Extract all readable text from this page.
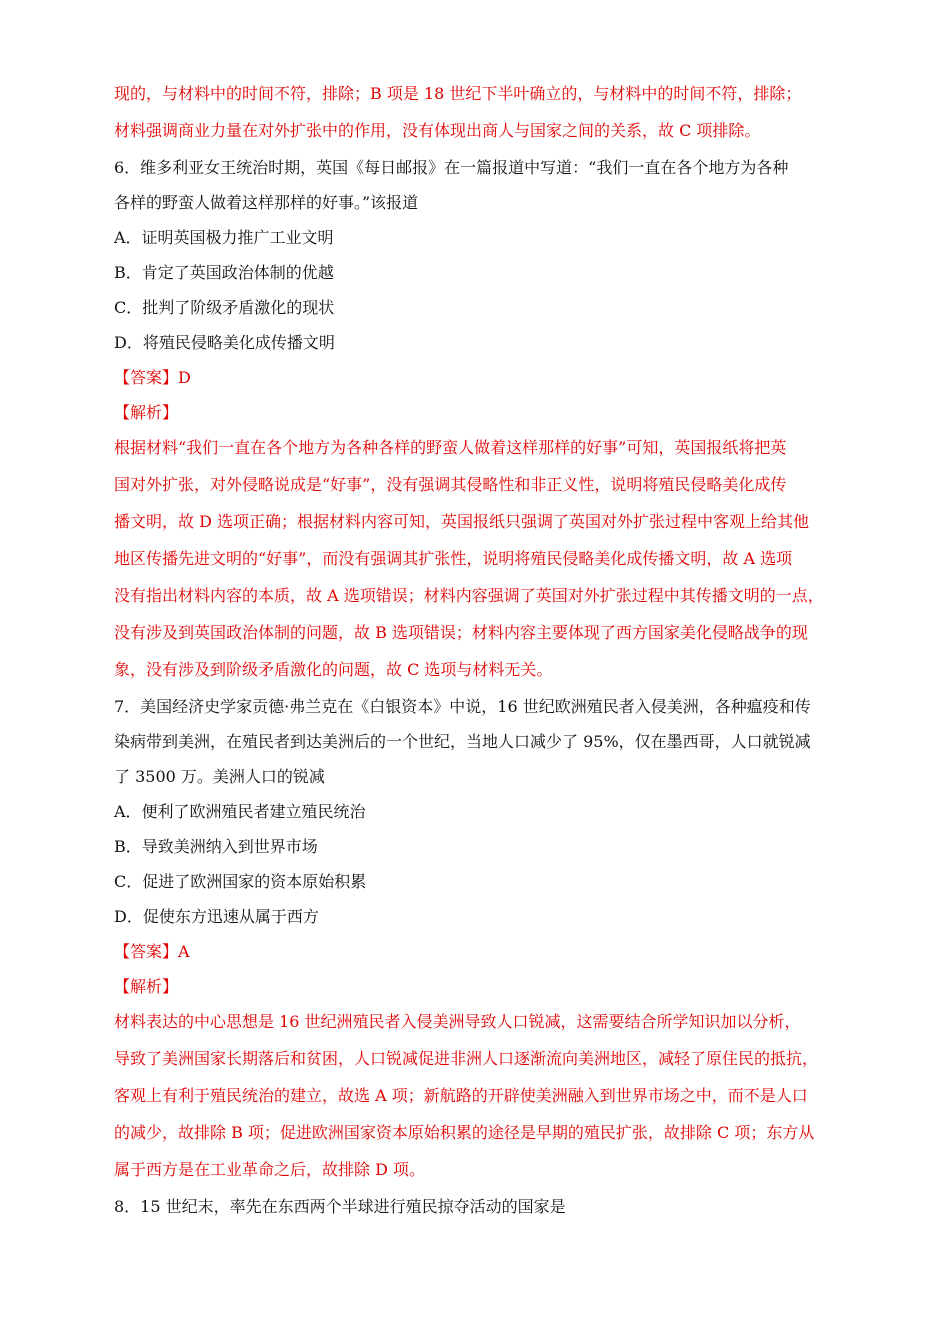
现的，与材料中的时间不符，排除；B 项是 18 世纪下半叶确立的，与材料中的时间不符，排除；
材料强调商业力量在对外扩张中的作用，没有体现出商人与国家之间的关系，故 C 项排除。
6．维多利亚女王统治时期，英国《每日邮报》在一篇报道中写道：“我们一直在各个地方为各种
各样的野蛮人做着这样那样的好事。”该报道
A．证明英国极力推广工业文明
B．肯定了英国政治体制的优越
C．批判了阶级矛盾激化的现状
D．将殖民侵略美化成传播文明
【答案】D
【解析】
根据材料“我们一直在各个地方为各种各样的野蛮人做着这样那样的好事”可知，英国报纸将把英
国对外扩张，对外侵略说成是“好事”，没有强调其侵略性和非正义性，说明将殖民侵略美化成传
播文明，故 D 选项正确；根据材料内容可知，英国报纸只强调了英国对外扩张过程中客观上给其他
地区传播先进文明的“好事”，而没有强调其扩张性，说明将殖民侵略美化成传播文明，故 A 选项
没有指出材料内容的本质，故 A 选项错误；材料内容强调了英国对外扩张过程中其传播文明的一点，
没有涉及到英国政治体制的问题，故 B 选项错误；材料内容主要体现了西方国家美化侵略战争的现
象，没有涉及到阶级矛盾激化的问题，故 C 选项与材料无关。
7．美国经济史学家贡德·弗兰克在《白银资本》中说，16 世纪欧洲殖民者入侵美洲，各种瘟疫和传
染病带到美洲，在殖民者到达美洲后的一个世纪，当地人口减少了 95%，仅在墨西哥，人口就锐减
了 3500 万。美洲人口的锐减
A．便利了欧洲殖民者建立殖民统治
B．导致美洲纳入到世界市场
C．促进了欧洲国家的资本原始积累
D．促使东方迅速从属于西方
【答案】A
【解析】
材料表达的中心思想是 16 世纪洲殖民者入侵美洲导致人口锐减，这需要结合所学知识加以分析，
导致了美洲国家长期落后和贫困，人口锐减促进非洲人口逐渐流向美洲地区，减轻了原住民的抵抗，
客观上有利于殖民统治的建立，故选 A 项；新航路的开辟使美洲融入到世界市场之中，而不是人口
的减少，故排除 B 项；促进欧洲国家资本原始积累的途径是早期的殖民扩张，故排除 C 项；东方从
属于西方是在工业革命之后，故排除 D 项。
8．15 世纪末，率先在东西两个半球进行殖民掠夺活动的国家是
